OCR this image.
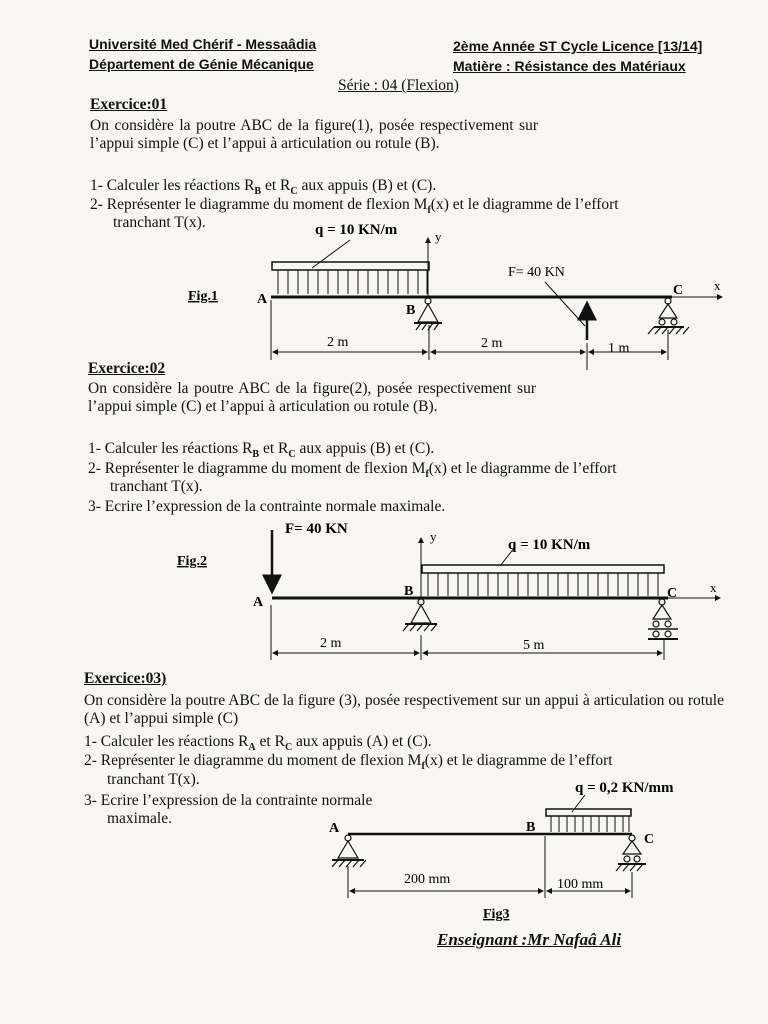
Université Med Chérif - Messaâdia
Département de Génie Mécanique
2ème Année ST Cycle Licence [13/14]
Matière : Résistance des Matériaux
Série : 04 (Flexion)
Exercice:01
On considère la poutre ABC de la figure(1), posée respectivement sur l’appui simple (C) et l’appui à articulation ou rotule (B).
1- Calculer les réactions $R_B$ et $R_C$ aux appuis (B) et (C).
2- Représenter le diagramme du moment de flexion $M_f(x)$ et le diagramme de l’effort
tranchant T(x).	q = 10 KN/m	y
F= 40 KN
Fig.1	A
B
C x
2 m	2 m	1 m
F= 40 KN	y
q = 10 KN/m
Fig.2
A
B	C	x
2 m	5 m
q = 0,2 KN/mm
A	B
C
200 mm	100 mm
Fig3
Exercice:02
On considère la poutre ABC de la figure(2), posée respectivement sur l’appui simple (C) et l’appui à articulation ou rotule (B).
1- Calculer les réactions $R_B$ et $R_C$ aux appuis (B) et (C).
2- Représenter le diagramme du moment de flexion $M_f(x)$ et le diagramme de l’effort
tranchant T(x).
3- Ecrire l’expression de la contrainte normale maximale.
Exercice:03)
On considère la poutre ABC de la figure (3), posée respectivement sur un appui à articulation ou rotule (A) et l’appui simple (C)
1- Calculer les réactions $R_A$ et $R_C$ aux appuis (A) et (C).
2- Représenter le diagramme du moment de flexion $M_f(x)$ et le diagramme de l’effort
tranchant T(x).
3- Ecrire l’expression de la contrainte normale
maximale.
Enseignant :Mr Nafaâ Ali
